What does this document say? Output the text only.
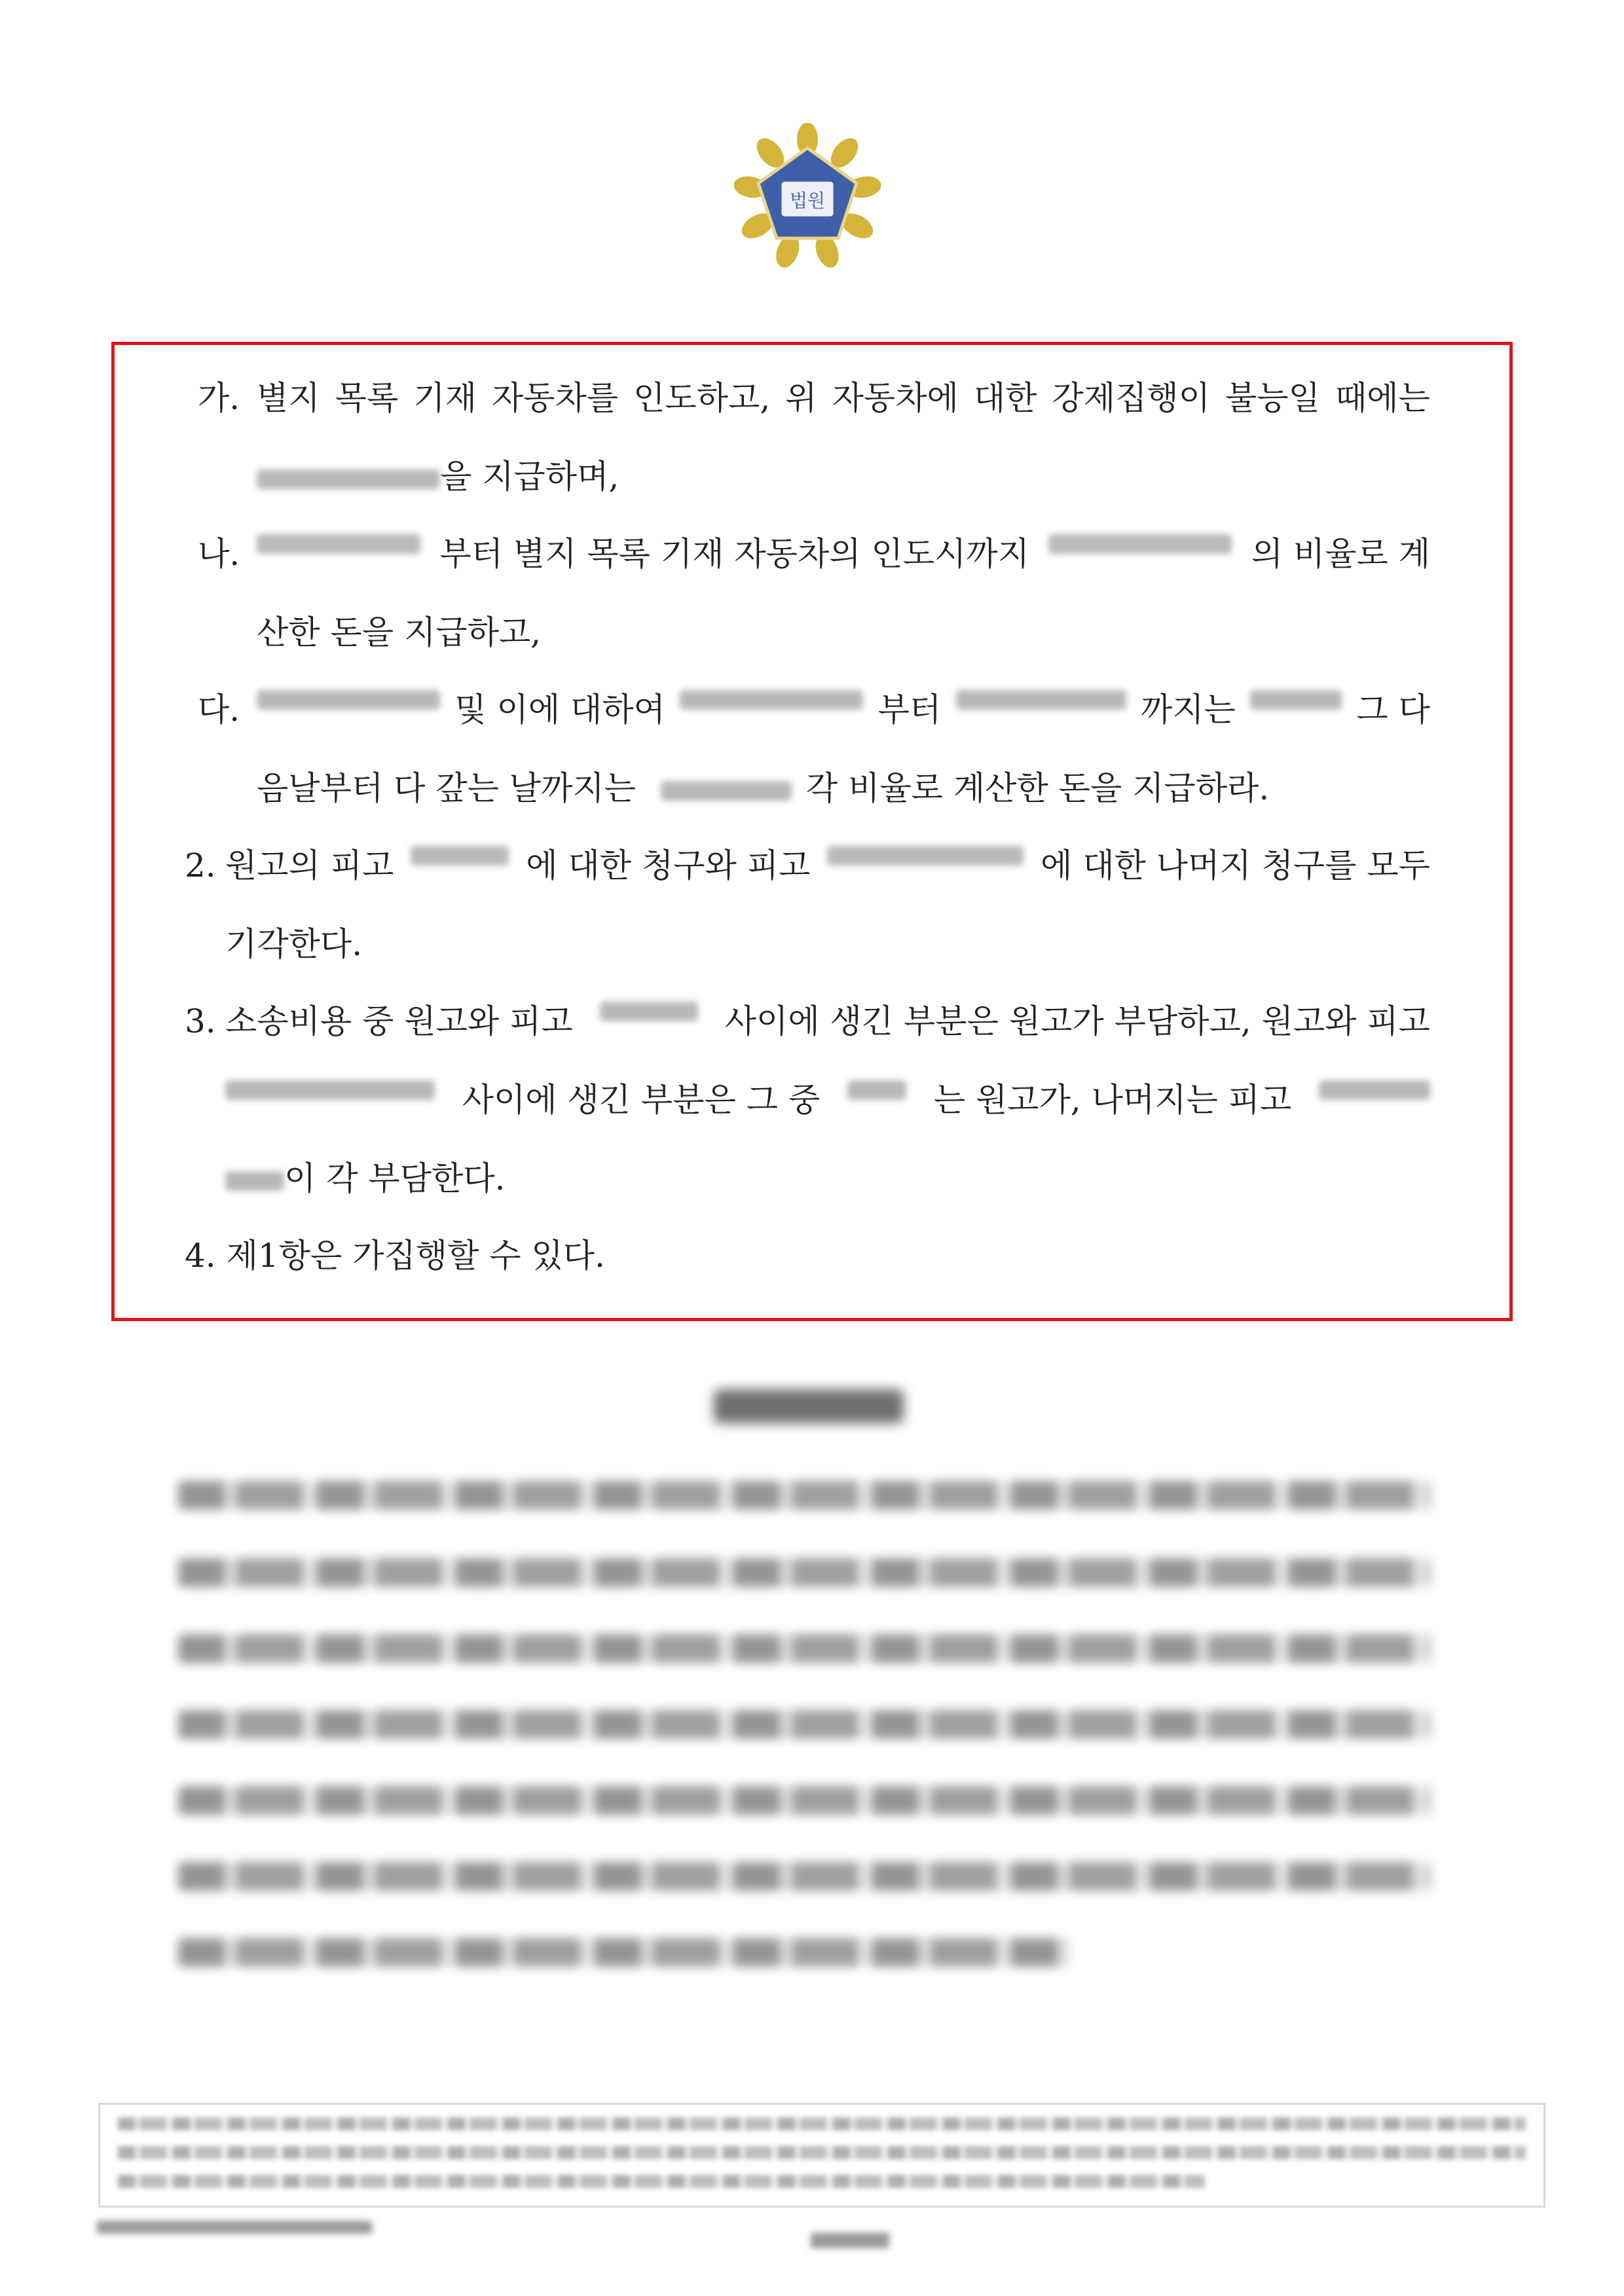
법원
가. 별지 목록 기재 자동차를 인도하고, 위 자동차에 대한 강제집행이 불능일 때에는
을 지급하며,
나.	부터 별지 목록 기재 자동차의 인도시까지	의 비율로 계
산한 돈을 지급하고,
다.	및 이에 대하여	부터	까지는	그 다
음날부터 다 갚는 날까지는	각 비율로 계산한 돈을 지급하라.
2. 원고의 피고	에 대한 청구와 피고	에 대한 나머지 청구를 모두
기각한다.
3. 소송비용 중 원고와 피고	사이에 생긴 부분은 원고가 부담하고, 원고와 피고
사이에 생긴 부분은 그 중	는 원고가, 나머지는 피고
이 각 부담한다.
4. 제1항은 가집행할 수 있다.
